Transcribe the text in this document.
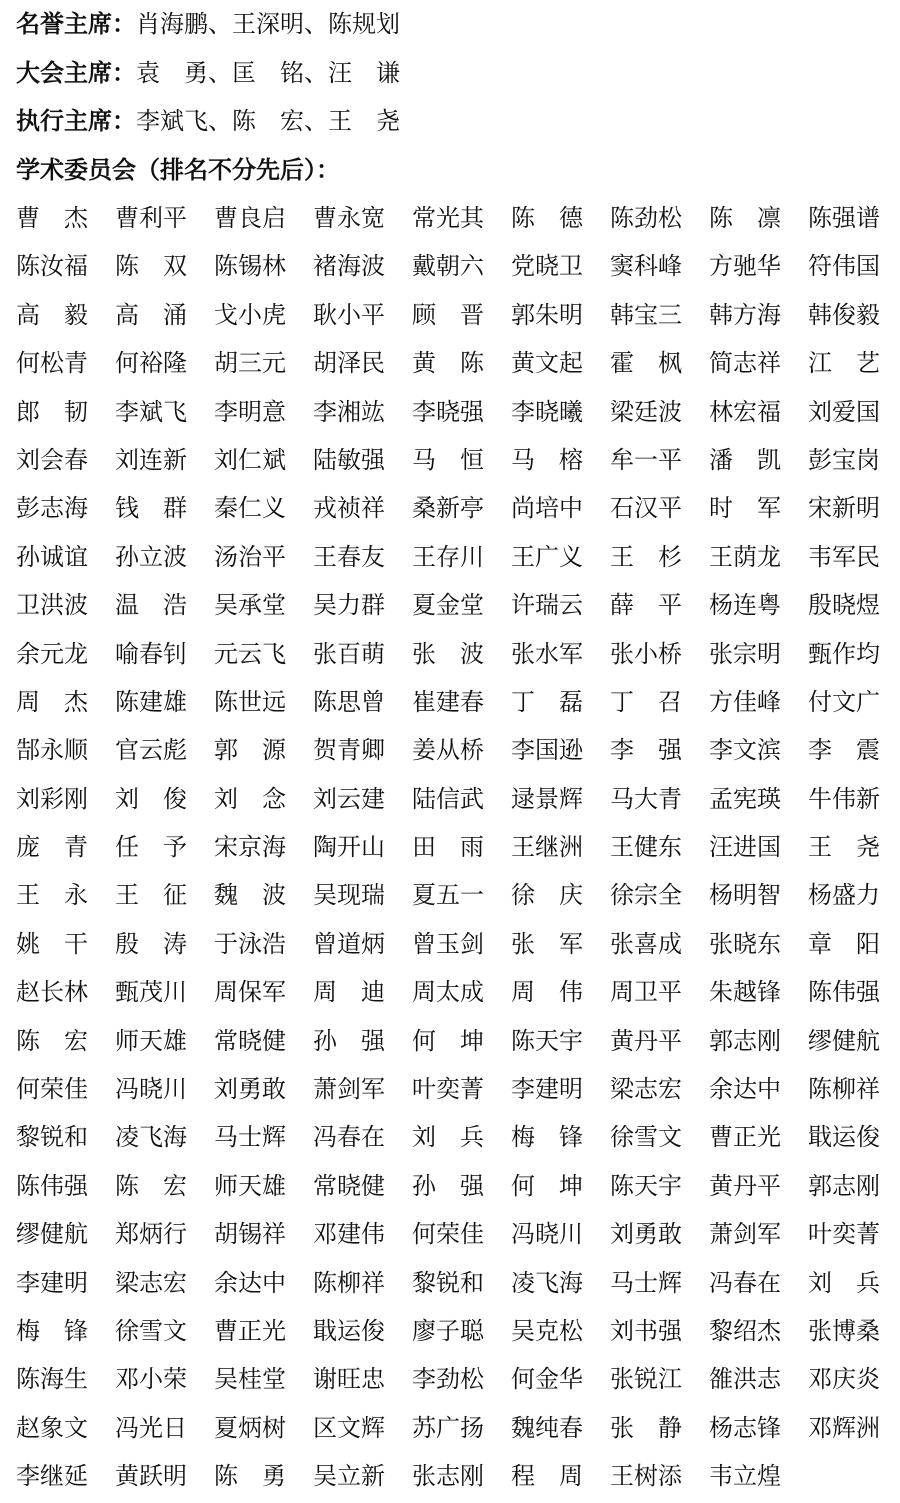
名誉主席：肖海鹏、王深明、陈规划
大会主席：袁　勇、匡　铭、汪　谦
执行主席：李斌飞、陈　宏、王　尧
学术委员会（排名不分先后）：
曹 杰 曹利平 曹良启 曹永宽 常光其 陈 德 陈劲松 陈 凛 陈强谱
陈汝福 陈 双 陈锡林 褚海波 戴朝六 党晓卫 窦科峰 方驰华 符伟国
高 毅 高 涌 戈小虎 耿小平 顾 晋 郭朱明 韩宝三 韩方海 韩俊毅
何松青 何裕隆 胡三元 胡泽民 黄 陈 黄文起 霍 枫 简志祥 江 艺
郎 韧 李斌飞 李明意 李湘竑 李晓强 李晓曦 梁廷波 林宏福 刘爱国
刘会春 刘连新 刘仁斌 陆敏强 马 恒 马 榕 牟一平 潘 凯 彭宝岗
彭志海 钱 群 秦仁义 戎祯祥 桑新亭 尚培中 石汉平 时 军 宋新明
孙诚谊 孙立波 汤治平 王春友 王存川 王广义 王 杉 王荫龙 韦军民
卫洪波 温 浩 吴承堂 吴力群 夏金堂 许瑞云 薛 平 杨连粤 殷晓煜
余元龙 喻春钊 元云飞 张百萌 张 波 张水军 张小桥 张宗明 甄作均
周 杰 陈建雄 陈世远 陈思曾 崔建春 丁 磊 丁 召 方佳峰 付文广
郜永顺 官云彪 郭 源 贺青卿 姜从桥 李国逊 李 强 李文滨 李 震
刘彩刚 刘 俊 刘 念 刘云建 陆信武 逯景辉 马大青 孟宪瑛 牛伟新
庞 青 任 予 宋京海 陶开山 田 雨 王继洲 王健东 汪进国 王 尧
王 永 王 征 魏 波 吴现瑞 夏五一 徐 庆 徐宗全 杨明智 杨盛力
姚 干 殷 涛 于泳浩 曾道炳 曾玉剑 张 军 张喜成 张晓东 章 阳
赵长林 甄茂川 周保军 周 迪 周太成 周 伟 周卫平 朱越锋 陈伟强
陈 宏 师天雄 常晓健 孙 强 何 坤 陈天宇 黄丹平 郭志刚 缪健航
何荣佳 冯晓川 刘勇敢 萧剑军 叶奕菁 李建明 梁志宏 余达中 陈柳祥
黎锐和 凌飞海 马士辉 冯春在 刘 兵 梅 锋 徐雪文 曹正光 戢运俊
陈伟强 陈 宏 师天雄 常晓健 孙 强 何 坤 陈天宇 黄丹平 郭志刚
缪健航 郑炳行 胡锡祥 邓建伟 何荣佳 冯晓川 刘勇敢 萧剑军 叶奕菁
李建明 梁志宏 余达中 陈柳祥 黎锐和 凌飞海 马士辉 冯春在 刘 兵
梅 锋 徐雪文 曹正光 戢运俊 廖子聪 吴克松 刘书强 黎绍杰 张博桑
陈海生 邓小荣 吴桂堂 谢旺忠 李劲松 何金华 张锐江 雒洪志 邓庆炎
赵象文 冯光日 夏炳树 区文辉 苏广扬 魏纯春 张 静 杨志锋 邓辉洲
李继延 黄跃明 陈 勇 吴立新 张志刚 程 周 王树添 韦立煌
